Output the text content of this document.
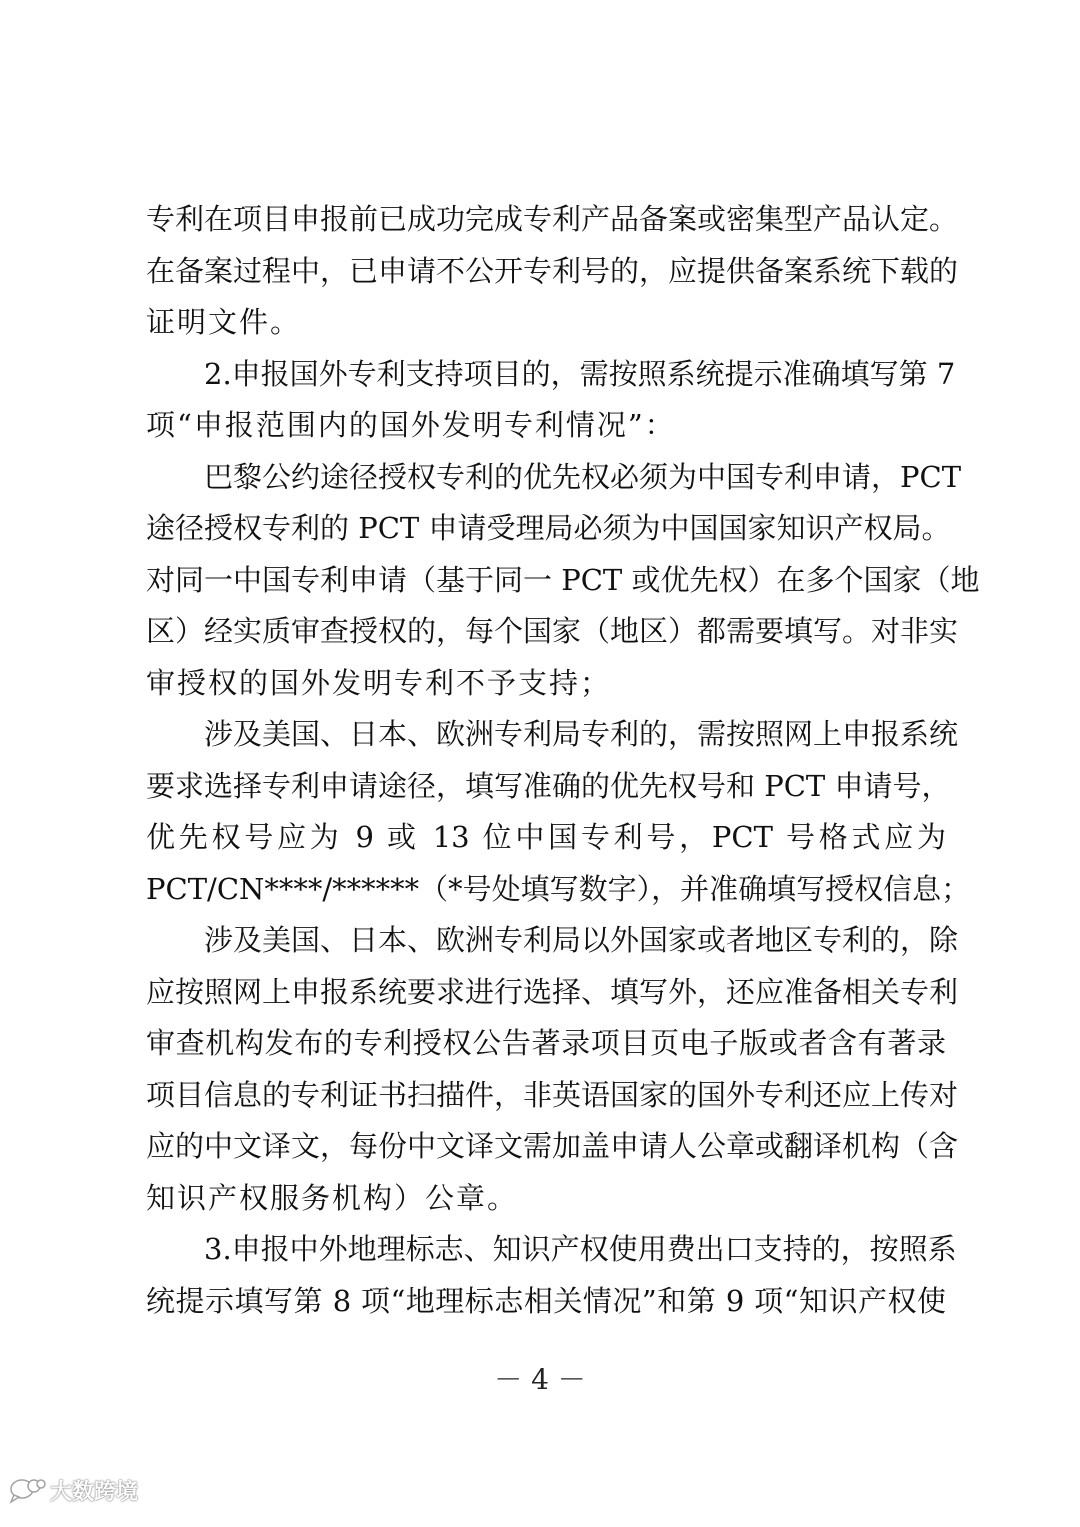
专利在项目申报前已成功完成专利产品备案或密集型产品认定。
在备案过程中，已申请不公开专利号的，应提供备案系统下载的
证明文件。
2.申报国外专利支持项目的，需按照系统提示准确填写第 7
项“申报范围内的国外发明专利情况”：
巴黎公约途径授权专利的优先权必须为中国专利申请，PCT
途径授权专利的 PCT 申请受理局必须为中国国家知识产权局。
对同一中国专利申请（基于同一 PCT 或优先权）在多个国家（地
区）经实质审查授权的，每个国家（地区）都需要填写。对非实
审授权的国外发明专利不予支持；
涉及美国、日本、欧洲专利局专利的，需按照网上申报系统
要求选择专利申请途径，填写准确的优先权号和 PCT 申请号，
优先权号应为 9 或 13 位中国专利号，PCT 号格式应为
PCT/CN****/******（*号处填写数字），并准确填写授权信息；
涉及美国、日本、欧洲专利局以外国家或者地区专利的，除
应按照网上申报系统要求进行选择、填写外，还应准备相关专利
审查机构发布的专利授权公告著录项目页电子版或者含有著录
项目信息的专利证书扫描件，非英语国家的国外专利还应上传对
应的中文译文，每份中文译文需加盖申请人公章或翻译机构（含
知识产权服务机构）公章。
3.申报中外地理标志、知识产权使用费出口支持的，按照系
统提示填写第 8 项“地理标志相关情况”和第 9 项“知识产权使
－ 4 －
大数跨境
